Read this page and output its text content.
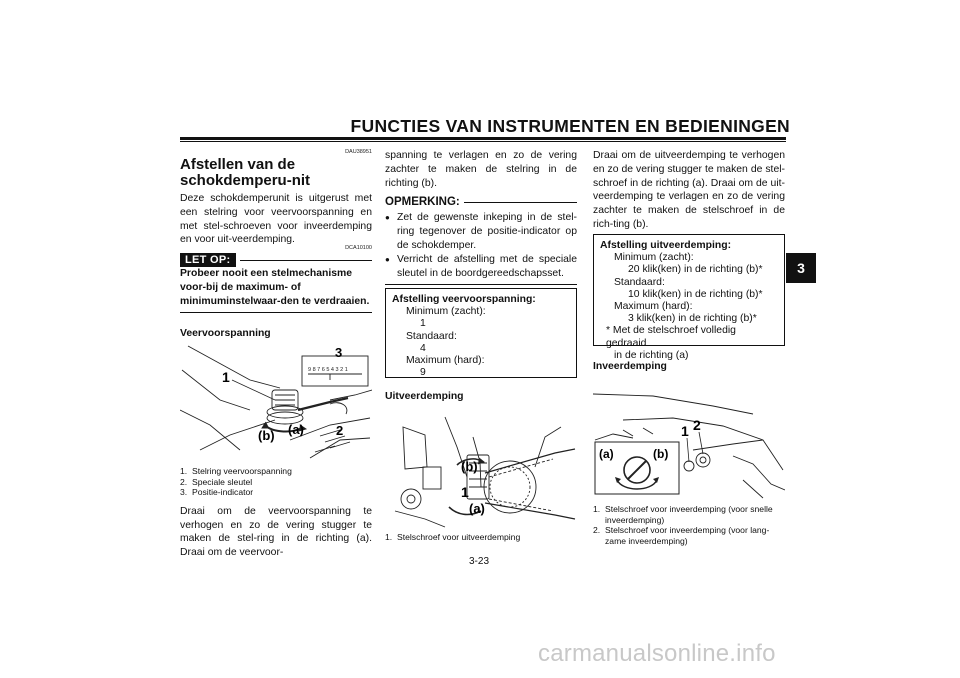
FUNCTIES VAN INSTRUMENTEN EN BEDIENINGEN
3
DAU38951
Afstellen van de schokdemperu-nit
Deze schokdemperunit is uitgerust met een stelring voor veervoorspanning en met stel-schroeven voor inveerdemping en voor uit-veerdemping.
LET OP:
DCA10100
Probeer nooit een stelmechanisme voor-bij de maximum- of minimuminstelwaar-den te verdraaien.
Veervoorspanning
3
9 8 7 6 5 4 3 2 1
1
(a)
(b)	2
1. Stelring veervoorspanning
2. Speciale sleutel
3. Positie-indicator
Draai om de veervoorspanning te verhogen en zo de vering stugger te maken de stel-ring in de richting (a). Draai om de veervoor-
spanning te verlagen en zo de vering zachter te maken de stelring in de richting (b).
OPMERKING:
● Zet de gewenste inkeping in de stel-ring tegenover de positie-indicator op de schokdemper.
● Verricht de afstelling met de speciale sleutel in de boordgereedschapsset.
Afstelling veervoorspanning:
Minimum (zacht):
1
Standaard:
4
Maximum (hard):
9
Uitveerdemping
(b)
1
(a)
1. Stelschroef voor uitveerdemping
Draai om de uitveerdemping te verhogen en zo de vering stugger te maken de stel-schroef in de richting (a). Draai om de uit-veerdemping te verlagen en zo de vering zachter te maken de stelschroef in de rich-ting (b).
Afstelling uitveerdemping:
Minimum (zacht):
20 klik(ken) in de richting (b)*
Standaard:
10 klik(ken) in de richting (b)*
Maximum (hard):
3 klik(ken) in de richting (b)*
* Met de stelschroef volledig gedraaid
in de richting (a)
Inveerdemping
(a)	(b)
1 2
1. Stelschroef voor inveerdemping (voor snelle inveerdemping)
2. Stelschroef voor inveerdemping (voor lang-zame inveerdemping)
3-23
carmanualsonline.info
